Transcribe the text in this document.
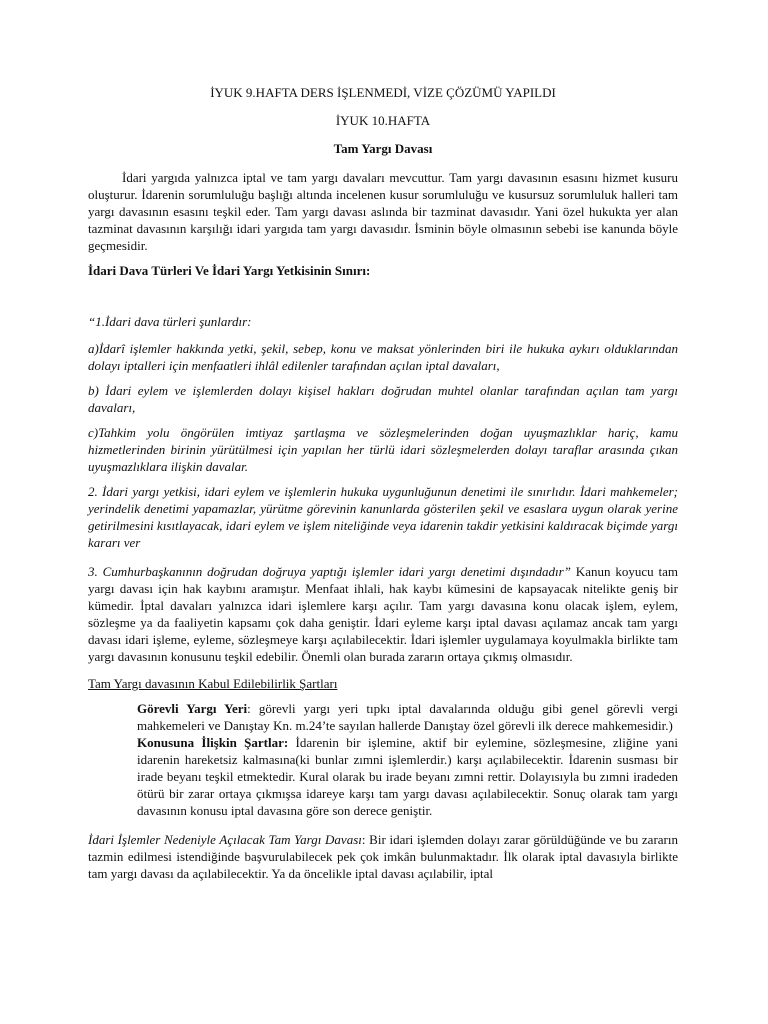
İYUK 9.HAFTA DERS İŞLENMEDİ, VİZE ÇÖZÜMÜ YAPILDI
İYUK 10.HAFTA
Tam Yargı Davası

İdari yargıda yalnızca iptal ve tam yargı davaları mevcuttur. Tam yargı davasının esasını hizmet kusuru oluşturur. İdarenin sorumluluğu başlığı altında incelenen kusur sorumluluğu ve kusursuz sorumluluk halleri tam yargı davasının esasını teşkil eder. Tam yargı davası aslında bir tazminat davasıdır. Yani özel hukukta yer alan tazminat davasının karşılığı idari yargıda tam yargı davasıdır. İsminin böyle olmasının sebebi ise kanunda böyle geçmesidir.

İdari Dava Türleri Ve İdari Yargı Yetkisinin Sınırı:

“1.İdari dava türleri şunlardır:

a)İdarî işlemler hakkında yetki, şekil, sebep, konu ve maksat yönlerinden biri ile hukuka aykırı olduklarından dolayı iptalleri için menfaatleri ihlâl edilenler tarafından açılan iptal davaları,

b) İdari eylem ve işlemlerden dolayı kişisel hakları doğrudan muhtel olanlar tarafından açılan tam yargı davaları,

c)Tahkim yolu öngörülen imtiyaz şartlaşma ve sözleşmelerinden doğan uyuşmazlıklar hariç, kamu hizmetlerinden birinin yürütülmesi için yapılan her türlü idari sözleşmelerden dolayı taraflar arasında çıkan uyuşmazlıklara ilişkin davalar.

2. İdari yargı yetkisi, idari eylem ve işlemlerin hukuka uygunluğunun denetimi ile sınırlıdır. İdari mahkemeler; yerindelik denetimi yapamazlar, yürütme görevinin kanunlarda gösterilen şekil ve esaslara uygun olarak yerine getirilmesini kısıtlayacak, idari eylem ve işlem niteliğinde veya idarenin takdir yetkisini kaldıracak biçimde yargı kararı ver

3. Cumhurbaşkanının doğrudan doğruya yaptığı işlemler idari yargı denetimi dışındadır” Kanun koyucu tam yargı davası için hak kaybını aramıştır. Menfaat ihlali, hak kaybı kümesini de kapsayacak nitelikte geniş bir kümedir. İptal davaları yalnızca idari işlemlere karşı açılır. Tam yargı davasına konu olacak işlem, eylem, sözleşme ya da faaliyetin kapsamı çok daha geniştir. İdari eyleme karşı iptal davası açılamaz ancak tam yargı davası idari işleme, eyleme, sözleşmeye karşı açılabilecektir. İdari işlemler uygulamaya koyulmakla birlikte tam yargı davasının konusunu teşkil edebilir. Önemli olan burada zararın ortaya çıkmış olmasıdır.

Tam Yargı davasının Kabul Edilebilirlik Şartları

Görevli Yargı Yeri: görevli yargı yeri tıpkı iptal davalarında olduğu gibi genel görevli vergi mahkemeleri ve Danıştay Kn. m.24’te sayılan hallerde Danıştay özel görevli ilk derece mahkemesidir.)

Konusuna İlişkin Şartlar: İdarenin bir işlemine, aktif bir eylemine, sözleşmesine, zliğine yani idarenin hareketsiz kalmasına(ki bunlar zımni işlemlerdir.) karşı açılabilecektir. İdarenin susması bir irade beyanı teşkil etmektedir. Kural olarak bu irade beyanı zımni rettir. Dolayısıyla bu zımni iradeden ötürü bir zarar ortaya çıkmışsa idareye karşı tam yargı davası açılabilecektir. Sonuç olarak tam yargı davasının konusu iptal davasına göre son derece geniştir.

İdari İşlemler Nedeniyle Açılacak Tam Yargı Davası: Bir idari işlemden dolayı zarar görüldüğünde ve bu zararın tazmin edilmesi istendiğinde başvurulabilecek pek çok imkân bulunmaktadır. İlk olarak iptal davasıyla birlikte tam yargı davası da açılabilecektir. Ya da öncelikle iptal davası açılabilir, iptal
